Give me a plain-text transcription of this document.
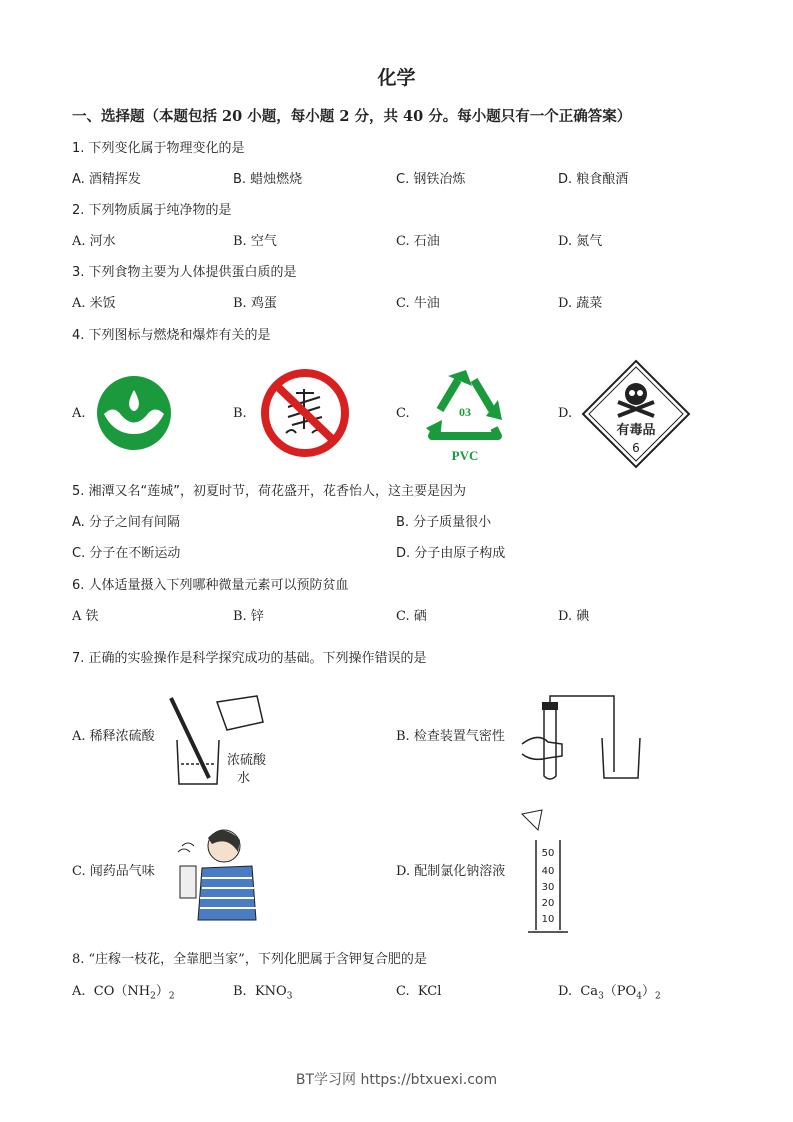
化学
一、选择题（本题包括 20 小题，每小题 2 分，共 40 分。每小题只有一个正确答案）
1. 下列变化属于物理变化的是
A. 酒精挥发	B. 蜡烛燃烧	C. 钢铁冶炼	D. 粮食酿酒
2. 下列物质属于纯净物的是
A. 河水	B. 空气	C. 石油	D. 氮气
3. 下列食物主要为人体提供蛋白质的是
A. 米饭	B. 鸡蛋	C. 牛油	D. 蔬菜
4. 下列图标与燃烧和爆炸有关的是
A.	B.	C.	D.
03
PVC
有毒品
6
5. 湘潭又名“莲城”，初夏时节，荷花盛开，花香怡人，这主要是因为
A. 分子之间有间隔	B. 分子质量很小
C. 分子在不断运动	D. 分子由原子构成
6. 人体适量摄入下列哪种微量元素可以预防贫血
A 铁	B. 锌	C. 硒	D. 碘
7. 正确的实验操作是科学探究成功的基础。下列操作错误的是
A. 稀释浓硫酸	B. 检查装置气密性
C. 闻药品气味	D. 配制氯化钠溶液
浓硫酸
水
50
40
30
20
10
8. “庄稼一枝花，全靠肥当家”，下列化肥属于含钾复合肥的是
A. $CO(NH_2)_2$	B. $KNO_3$	C. KCl	D. $Ca_3(PO_4)_2$
BT学习网 https://btxuexi.com
